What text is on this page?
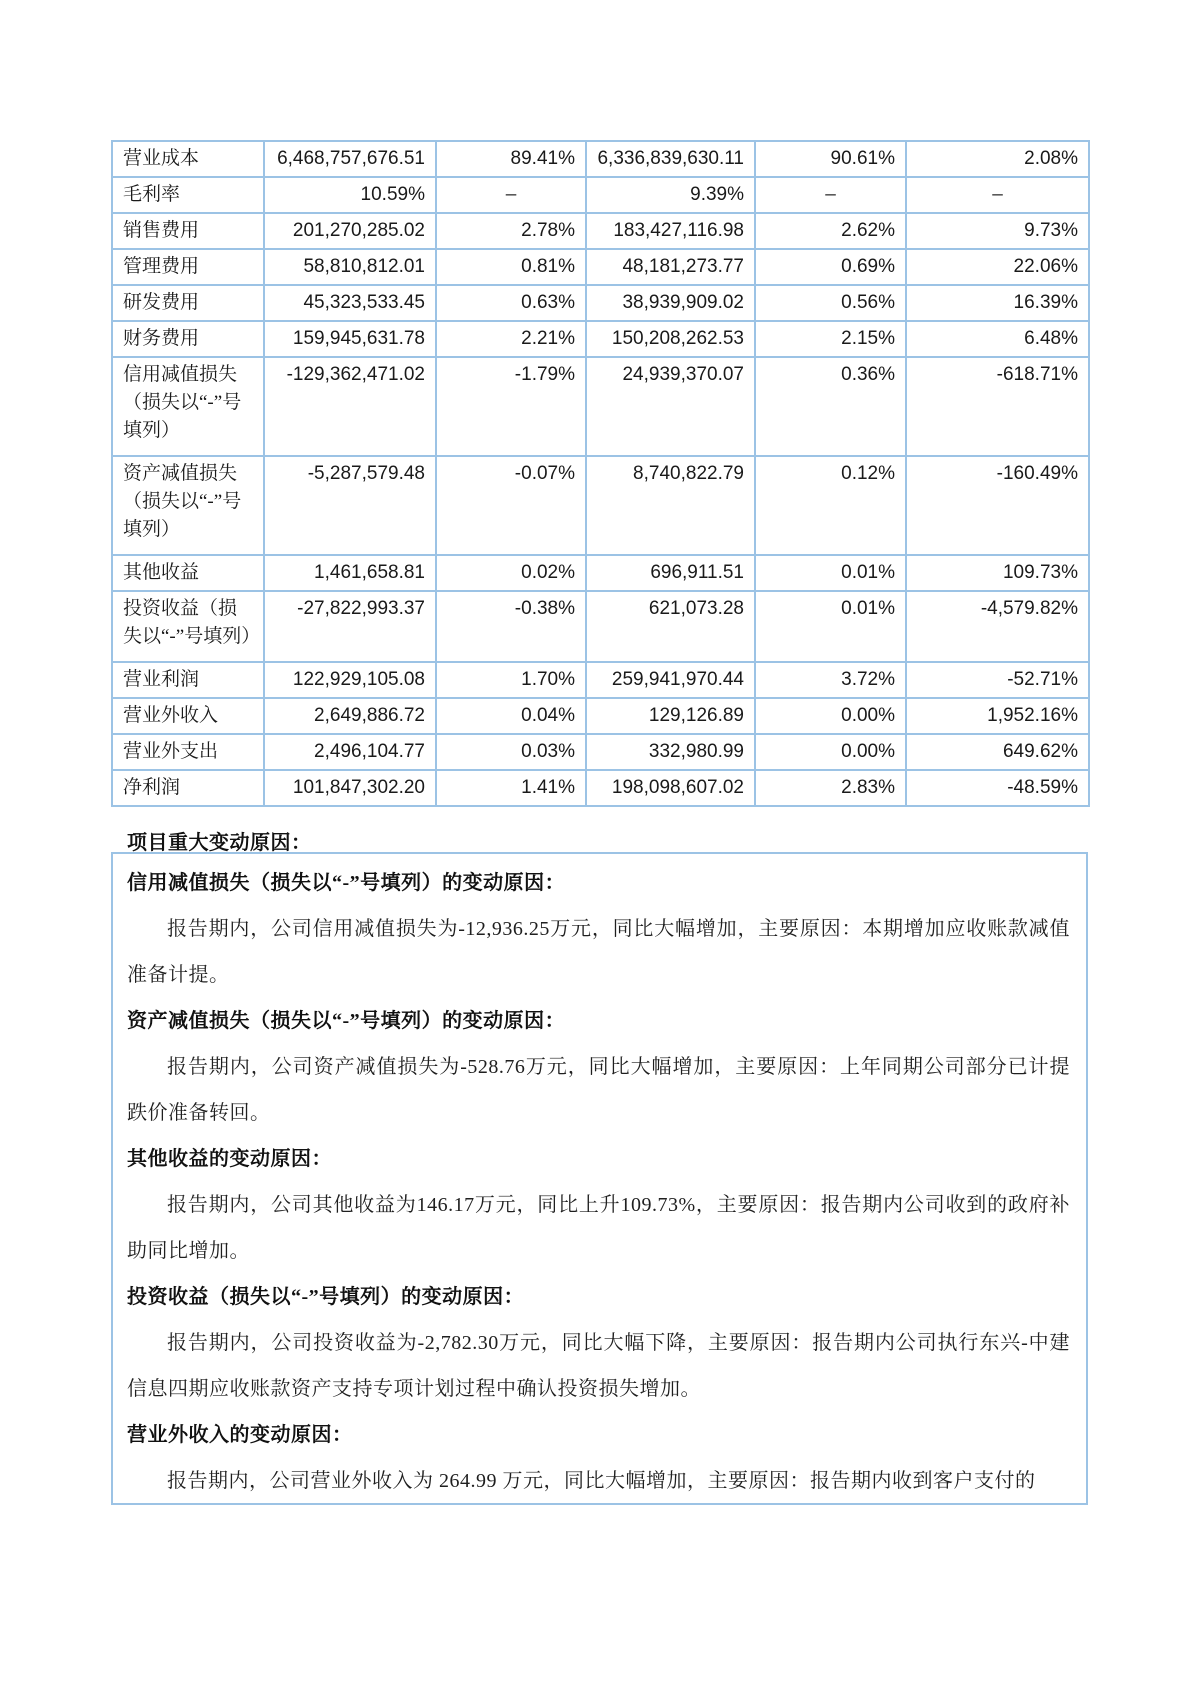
营业成本	6,468,757,676.51	89.41%	6,336,839,630.11	90.61%	2.08%
毛利率	10.59%	–	9.39%	–	–
销售费用	201,270,285.02	2.78%	183,427,116.98	2.62%	9.73%
管理费用	58,810,812.01	0.81%	48,181,273.77	0.69%	22.06%
研发费用	45,323,533.45	0.63%	38,939,909.02	0.56%	16.39%
财务费用	159,945,631.78	2.21%	150,208,262.53	2.15%	6.48%
信用减值损失（损失以“-”号填列）	-129,362,471.02	-1.79%	24,939,370.07	0.36%	-618.71%
资产减值损失（损失以“-”号填列）	-5,287,579.48	-0.07%	8,740,822.79	0.12%	-160.49%
其他收益	1,461,658.81	0.02%	696,911.51	0.01%	109.73%
投资收益（损失以“-”号填列）	-27,822,993.37	-0.38%	621,073.28	0.01%	-4,579.82%
营业利润	122,929,105.08	1.70%	259,941,970.44	3.72%	-52.71%
营业外收入	2,649,886.72	0.04%	129,126.89	0.00%	1,952.16%
营业外支出	2,496,104.77	0.03%	332,980.99	0.00%	649.62%
净利润	101,847,302.20	1.41%	198,098,607.02	2.83%	-48.59%
项目重大变动原因：
信用减值损失（损失以“-”号填列）的变动原因：

报告期内，公司信用减值损失为-12,936.25万元，同比大幅增加，主要原因：本期增加应收账款减值准备计提。

资产减值损失（损失以“-”号填列）的变动原因：

报告期内，公司资产减值损失为-528.76万元，同比大幅增加，主要原因：上年同期公司部分已计提跌价准备转回。

其他收益的变动原因：

报告期内，公司其他收益为146.17万元，同比上升109.73%，主要原因：报告期内公司收到的政府补助同比增加。

投资收益（损失以“-”号填列）的变动原因：

报告期内，公司投资收益为-2,782.30万元，同比大幅下降，主要原因：报告期内公司执行东兴-中建信息四期应收账款资产支持专项计划过程中确认投资损失增加。

营业外收入的变动原因：

报告期内，公司营业外收入为 264.99 万元，同比大幅增加，主要原因：报告期内收到客户支付的
